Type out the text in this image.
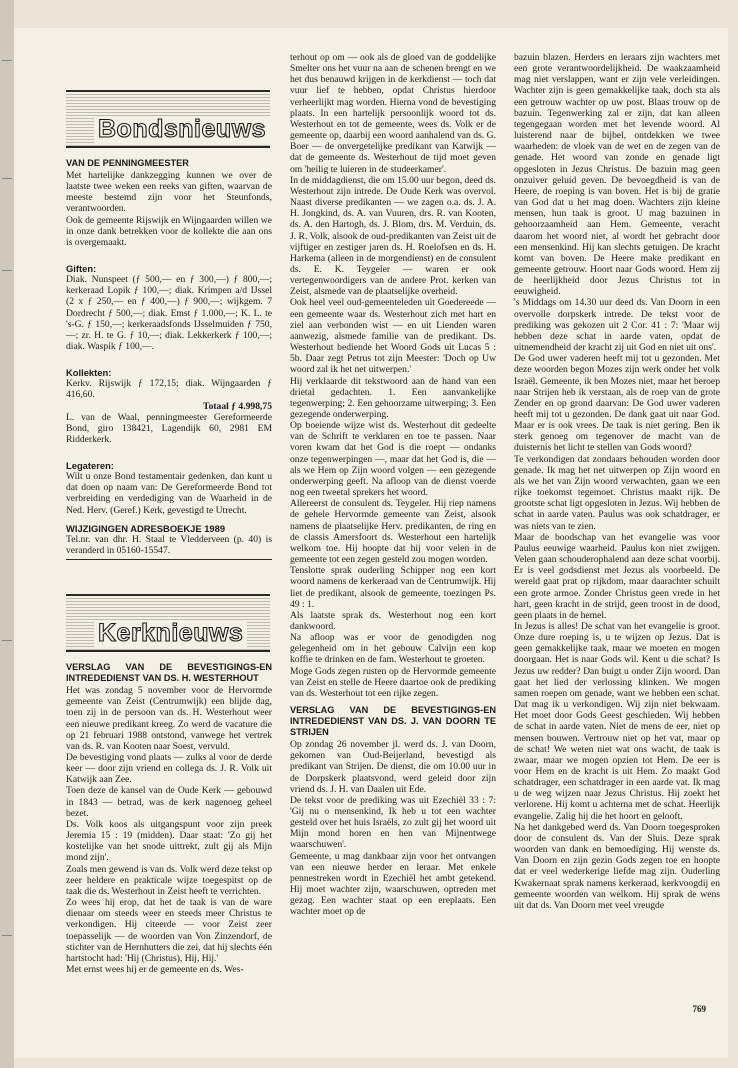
Bondsnieuws
VAN DE PENNINGMEESTER

Met hartelijke dankzegging kunnen we over de laatste twee weken een reeks van giften, waarvan de meeste bestemd zijn voor het Steunfonds, verantwoorden.

Ook de gemeente Rijswijk en Wijngaarden willen we in onze dank betrekken voor de kollekte die aan ons is overgemaakt.

Giften:

Diak. Nunspeet (ƒ 500,— en ƒ 300,—) ƒ 800,—; kerkeraad Lopik ƒ 100,—; diak. Krimpen a/d IJssel (2 x ƒ 250,— en ƒ 400,—) ƒ 900,—; wijkgem. 7 Dordrecht ƒ 500,—; diak. Emst ƒ 1.000,—; K. L. te 's-G. ƒ 150,—; kerkeraadsfonds IJsselmuiden ƒ 750,—; zr. H. te G. ƒ 10,—; diak. Lekkerkerk ƒ 100,—; diak. Waspik ƒ 100,—.

Kollekten:

Kerkv. Rijswijk ƒ 172,15; diak. Wijngaarden ƒ 416,60.

Totaal ƒ 4.998,75

L. van de Waal, penningmeester Gereformeerde Bond, giro 138421, Lagendijk 60, 2981 EM Ridderkerk.

Legateren:

Wilt u onze Bond testamentair gedenken, dan kunt u dat doen op naam van: De Gereformeerde Bond tot verbreiding en verdediging van de Waarheid in de Ned. Herv. (Geref.) Kerk, gevestigd te Utrecht.

WIJZIGINGEN ADRESBOEKJE 1989

Tel.nr. van dhr. H. Staal te Vledderveen (p. 40) is veranderd in 05160-15547.

Kerknieuws
VERSLAG VAN DE BEVESTIGINGS-EN INTREDEDIENST VAN DS. H. WESTERHOUT

Het was zondag 5 november voor de Hervormde gemeente van Zeist (Centrumwijk) een blijde dag, toen zij in de persoon van ds. H. Westerhout weer een nieuwe predikant kreeg. Zo werd de vacature die op 21 februari 1988 ontstond, vanwege het vertrek van ds. R. van Kooten naar Soest, vervuld.

De bevestiging vond plaats — zulks al voor de derde keer — door zijn vriend en collega ds. J. R. Volk uit Katwijk aan Zee.

Toen deze de kansel van de Oude Kerk — gebouwd in 1843 — betrad, was de kerk nagenoeg geheel bezet.

Ds. Volk koos als uitgangspunt voor zijn preek Jeremia 15 : 19 (midden). Daar staat: 'Zo gij het kostelijke van het snode uittrekt, zult gij als Mijn mond zijn'.

Zoals men gewend is van ds. Volk werd deze tekst op zeer heldere en prakticale wijze toegespitst op de taak die ds. Westerhout in Zeist heeft te verrichten.

Zo wees hij erop, dat het de taak is van de ware dienaar om steeds weer en steeds meer Christus te verkondigen. Hij citeerde — voor Zeist zeer toepasselijk — de woorden van Von Zinzendorf, de stichter van de Hernhutters die zei, dat hij slechts één hartstocht had: 'Hij (Christus), Hij, Hij.'

Met ernst wees hij er de gemeente en ds. Wes-

terhout op om — ook als de gloed van de goddelijke Smelter ons het vuur na aan de schenen brengt en we het dus benauwd krijgen in de kerkdienst — toch dat vuur lief te hebben, opdat Christus hierdoor verheerlijkt mag worden. Hierna vond de bevestiging plaats. In een hartelijk persoonlijk woord tot ds. Westerhout en tot de gemeente, wees ds. Volk er de gemeente op, daarbij een woord aanhalend van ds. G. Boer — de onvergetelijke predikant van Katwijk — dat de gemeente ds. Westerhout de tijd moet geven om 'heilig te luieren in de studeerkamer'.

In de middagdienst, die om 15.00 uur begon, deed ds. Westerhout zijn intrede. De Oude Kerk was overvol. Naast diverse predikanten — we zagen o.a. ds. J. A. H. Jongkind, ds. A. van Vuuren, drs. R. van Kooten, ds. A. den Hartogh, ds. J. Blom, drs. M. Verduin, ds. J. R. Volk, alsook de oud-predikanten van Zeist uit de vijftiger en zestiger jaren ds. H. Roelofsen en ds. H. Harkema (alleen in de morgendienst) en de consulent ds. E. K. Teygeler — waren er ook vertegenwoordigers van de andere Prot. kerken van Zeist, alsmede van de plaatselijke overheid.

Ook heel veel oud-gemeenteleden uit Goedereede — een gemeente waar ds. Westerhout zich met hart en ziel aan verbonden wist — en uit Lienden waren aanwezig, alsmede familie van de predikant. Ds. Westerhout bediende het Woord Gods uit Lucas 5 : 5b. Daar zegt Petrus tot zijn Meester: 'Doch op Uw woord zal ik het net uitwerpen.'

Hij verklaarde dit tekstwoord aan de hand van een drietal gedachten. 1. Een aanvankelijke tegenwerping; 2. Een gehoorzame uitwerping; 3. Een gezegende onderwerping.

Op boeiende wijze wist ds. Westerhout dit gedeelte van de Schrift te verklaren en toe te passen. Naar voren kwam dat het God is die roept — ondanks onze tegenwerpingen —, maar dat het God is, die — als we Hem op Zijn woord volgen — een gezegende onderwerping geeft. Na afloop van de dienst voerde nog een tweetal sprekers het woord.

Allereerst de consulent ds. Teygeler. Hij riep namens de gehele Hervormde gemeente van Zeist, alsook namens de plaatselijke Herv. predikanten, de ring en de classis Amersfoort ds. Westerhout een hartelijk welkom toe. Hij hoopte dat hij voor velen in de gemeente tot een zegen gesteld zou mogen worden.

Tenslotte sprak ouderling Schipper nog een kort woord namens de kerkeraad van de Centrumwijk. Hij liet de predikant, alsook de gemeente, toezingen Ps. 49 : 1.

Als laatste sprak ds. Westerhout nog een kort dankwoord.

Na afloop was er voor de genodigden nog gelegenheid om in het gebouw Calvijn een kop koffie te drinken en de fam. Westerhout te groeten.

Moge Gods zegen rusten op de Hervormde gemeente van Zeist en stelle de Heere daartoe ook de prediking van ds. Westerhout tot een rijke zegen.

VERSLAG VAN DE BEVESTIGINGS-EN INTREDEDIENST VAN DS. J. VAN DOORN TE STRIJEN

Op zondag 26 november jl. werd ds. J. van Doorn, gekomen van Oud-Beijerland, bevestigd als predikant van Strijen. De dienst, die om 10.00 uur in de Dorpskerk plaatsvond, werd geleid door zijn vriend ds. J. H. van Daalen uit Ede.

De tekst voor de prediking was uit Ezechiël 33 : 7: 'Gij nu o mensenkind, Ik heb u tot een wachter gesteld over het huis Israëls, zo zult gij het woord uit Mijn mond horen en hen van Mijnentwege waarschuwen'.

Gemeente, u mag dankbaar zijn voor het ontvangen van een nieuwe herder en leraar. Met enkele pennestreken wordt in Ezechiël het ambt getekend. Hij moet wachter zijn, waarschuwen, optreden met gezag. Een wachter staat op een ereplaats. Een wachter moet op de

bazuin blazen. Herders en leraars zijn wachters met een grote verantwoordelijkheid. De waakzaamheid mag niet verslappen, want er zijn vele verleidingen. Wachter zijn is geen gemakkelijke taak, doch sta als een getrouw wachter op uw post. Blaas trouw op de bazuin. Tegenwerking zal er zijn, dat kan alleen tegengegaan worden met het levende woord. Al luisterend naar de bijbel, ontdekken we twee waarheden: de vloek van de wet en de zegen van de genade. Het woord van zonde en genade ligt opgesloten in Jezus Christus. De bazuin mag geen onzuiver geluid geven. De bevoegdheid is van de Heere, de roeping is van boven. Het is bij de gratie van God dat u het mag doen. Wachters zijn kleine mensen, hun taak is groot. U mag bazuinen in gehoorzaamheid aan Hem. Gemeente, veracht daarom het woord niet, al wordt het gebracht door een mensenkind. Hij kan slechts getuigen. De kracht komt van boven. De Heere make predikant en gemeente getrouw. Hoort naar Gods woord. Hem zij de heerlijkheid door Jezus Christus tot in eeuwigheid.

's Middags om 14.30 uur deed ds. Van Doorn in een overvolle dorpskerk intrede. De tekst voor de prediking was gekozen uit 2 Cor. 41 : 7: 'Maar wij hebben deze schat in aarde vaten, opdat de uitnemendheid der kracht zij uit God en niet uit ons'.

De God uwer vaderen heeft mij tot u gezonden. Met deze woorden begon Mozes zijn werk onder het volk Israël. Gemeente, ik ben Mozes niet, maar het beroep naar Strijen heb ik verstaan, als de roep van de grote Zender en op grond daarvan: De God uwer vaderen heeft mij tot u gezonden. De dank gaat uit naar God. Maar er is ook vrees. De taak is niet gering. Ben ik sterk genoeg om tegenover de macht van de duisternis het licht te stellen van Gods woord?

Te verkondigen dat zondaars behouden worden door genade. Ik mag het net uitwerpen op Zijn woord en als we het van Zijn woord verwachten, gaan we een rijke toekomst tegemoet. Christus maakt rijk. De grootste schat ligt opgesloten in Jezus. Wij hebben de schat in aarde vaten. Paulus was ook schatdrager, er was niets van te zien.

Maar de boodschap van het evangelie was voor Paulus eeuwige waarheid. Paulus kon niet zwijgen. Velen gaan schouderophalend aan deze schat voorbij. Er is veel godsdienst met Jezus als voorbeeld. De wereld gaat prat op rijkdom, maar daarachter schuilt een grote armoe. Zonder Christus geen vrede in het hart, geen kracht in de strijd, geen troost in de dood, geen plaats in de hemel.

In Jezus is alles! De schat van het evangelie is groot. Onze dure roeping is, u te wijzen op Jezus. Dat is geen gemakkelijke taak, maar we moeten en mogen doorgaan. Het is naar Gods wil. Kent u die schat? Is Jezus uw redder? Dan buigt u onder Zijn woord. Dan gaat het lied der verlossing klinken. We mogen samen roepen om genade, want we hebben een schat. Dat mag ik u verkondigen. Wij zijn niet bekwaam. Het moet door Gods Geest geschieden. Wij hebben de schat in aarde vaten. Niet de mens de eer, niet op mensen bouwen. Vertrouw niet op het vat, maar op de schat! We weten niet wat ons wacht, de taak is zwaar, maar we mogen opzien tot Hem. De eer is voor Hem en de kracht is uit Hem. Zo maakt God schatdrager, een schatdrager in een aarde vat. Ik mag u de weg wijzen naar Jezus Christus. Hij zoekt het verlorene. Hij komt u achterna met de schat. Heerlijk evangelie. Zalig hij die het hoort en gelooft.

Na het dankgebed werd ds. Van Doorn toegesproken door de consulent ds. Van der Sluis. Deze sprak woorden van dank en bemoediging. Hij wenste ds. Van Doorn en zijn gezin Gods zegen toe en hoopte dat er veel wederkerige liefde mag zijn. Ouderling Kwakernaat sprak namens kerkeraad, kerkvoogdij en gemeente woorden van welkom. Hij sprak de wens uit dat ds. Van Doorn met veel vreugde

769
